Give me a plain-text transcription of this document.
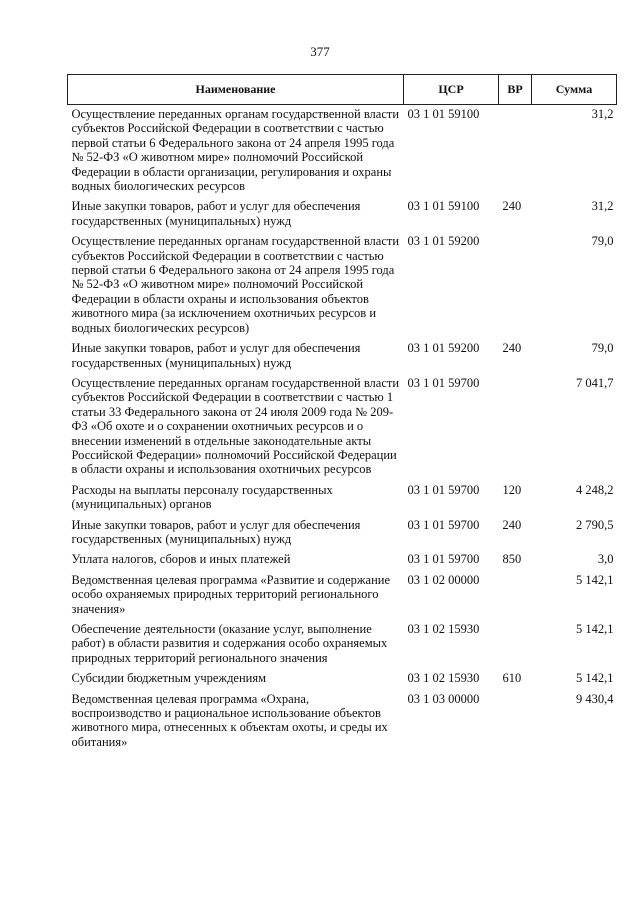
377
Наименование	ЦСР	ВР	Сумма
Осуществление переданных органам государственной власти субъектов Российской Федерации в соответствии с частью первой статьи 6 Федерального закона от 24 апреля 1995 года № 52-ФЗ «О животном мире» полномочий Российской Федерации в области организации, регулирования и охраны водных биологических ресурсов	03 1 01 59100		31,2
Иные закупки товаров, работ и услуг для обеспечения государственных (муниципальных) нужд	03 1 01 59100	240	31,2
Осуществление переданных органам государственной власти субъектов Российской Федерации в соответствии с частью первой статьи 6 Федерального закона от 24 апреля 1995 года № 52-ФЗ «О животном мире» полномочий Российской Федерации в области охраны и использования объектов животного мира (за исключением охотничьих ресурсов и водных биологических ресурсов)	03 1 01 59200		79,0
Иные закупки товаров, работ и услуг для обеспечения государственных (муниципальных) нужд	03 1 01 59200	240	79,0
Осуществление переданных органам государственной власти субъектов Российской Федерации в соответствии с частью 1 статьи 33 Федерального закона от 24 июля 2009 года № 209-ФЗ «Об охоте и о сохранении охотничьих ресурсов и о внесении изменений в отдельные законодательные акты Российской Федерации» полномочий Российской Федерации в области охраны и использования охотничьих ресурсов	03 1 01 59700		7 041,7
Расходы на выплаты персоналу государственных (муниципальных) органов	03 1 01 59700	120	4 248,2
Иные закупки товаров, работ и услуг для обеспечения государственных (муниципальных) нужд	03 1 01 59700	240	2 790,5
Уплата налогов, сборов и иных платежей	03 1 01 59700	850	3,0
Ведомственная целевая программа «Развитие и содержание особо охраняемых природных территорий регионального значения»	03 1 02 00000		5 142,1
Обеспечение деятельности (оказание услуг, выполнение работ) в области развития и содержания особо охраняемых природных территорий регионального значения	03 1 02 15930		5 142,1
Субсидии бюджетным учреждениям	03 1 02 15930	610	5 142,1
Ведомственная целевая программа «Охрана, воспроизводство и рациональное использование объектов животного мира, отнесенных к объектам охоты, и среды их обитания»	03 1 03 00000		9 430,4
